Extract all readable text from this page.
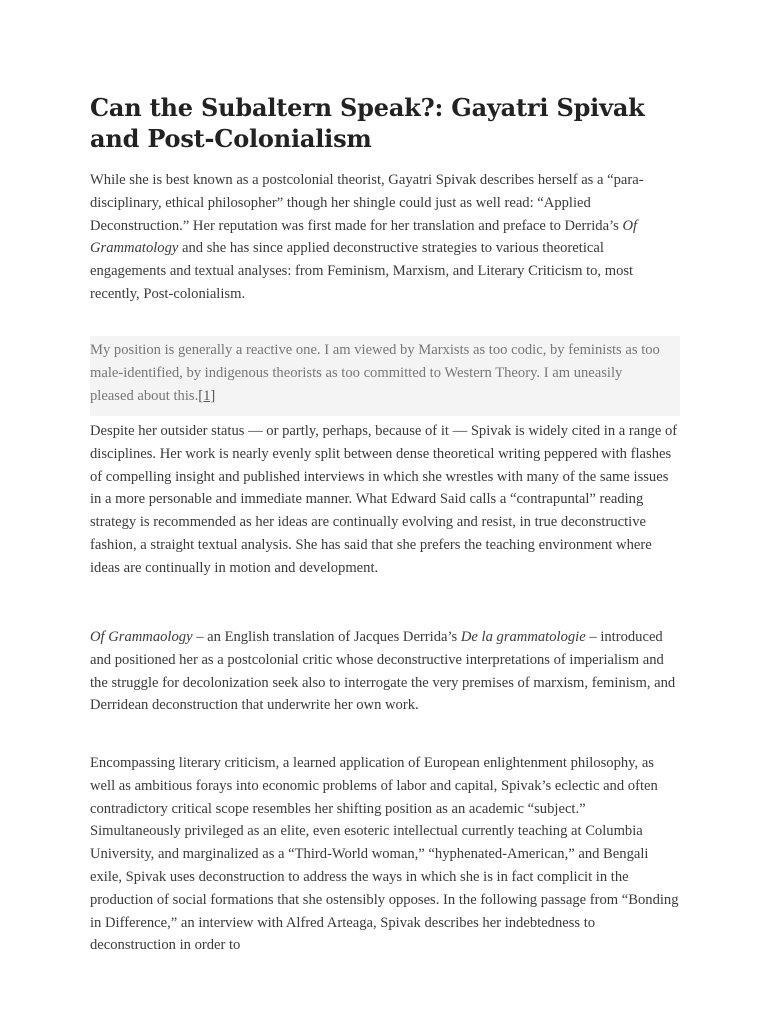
Can the Subaltern Speak?: Gayatri Spivak and Post-Colonialism

While she is best known as a postcolonial theorist, Gayatri Spivak describes herself as a “para-disciplinary, ethical philosopher” though her shingle could just as well read: “Applied Deconstruction.” Her reputation was first made for her translation and preface to Derrida’s Of Grammatology and she has since applied deconstructive strategies to various theoretical engagements and textual analyses: from Feminism, Marxism, and Literary Criticism to, most recently, Post-colonialism.

My position is generally a reactive one. I am viewed by Marxists as too codic, by feminists as too male-identified, by indigenous theorists as too committed to Western Theory. I am uneasily pleased about this.[1]

Despite her outsider status — or partly, perhaps, because of it — Spivak is widely cited in a range of disciplines. Her work is nearly evenly split between dense theoretical writing peppered with flashes of compelling insight and published interviews in which she wrestles with many of the same issues in a more personable and immediate manner. What Edward Said calls a “contrapuntal” reading strategy is recommended as her ideas are continually evolving and resist, in true deconstructive fashion, a straight textual analysis. She has said that she prefers the teaching environment where ideas are continually in motion and development.

Of Grammaology – an English translation of Jacques Derrida’s De la grammatologie – introduced and positioned her as a postcolonial critic whose deconstructive interpretations of imperialism and the struggle for decolonization seek also to interrogate the very premises of marxism, feminism, and Derridean deconstruction that underwrite her own work.

Encompassing literary criticism, a learned application of European enlightenment philosophy, as well as ambitious forays into economic problems of labor and capital, Spivak’s eclectic and often contradictory critical scope resembles her shifting position as an academic “subject.” Simultaneously privileged as an elite, even esoteric intellectual currently teaching at Columbia University, and marginalized as a “Third-World woman,” “hyphenated-American,” and Bengali exile, Spivak uses deconstruction to address the ways in which she is in fact complicit in the production of social formations that she ostensibly opposes. In the following passage from “Bonding in Difference,” an interview with Alfred Arteaga, Spivak describes her indebtedness to deconstruction in order to
